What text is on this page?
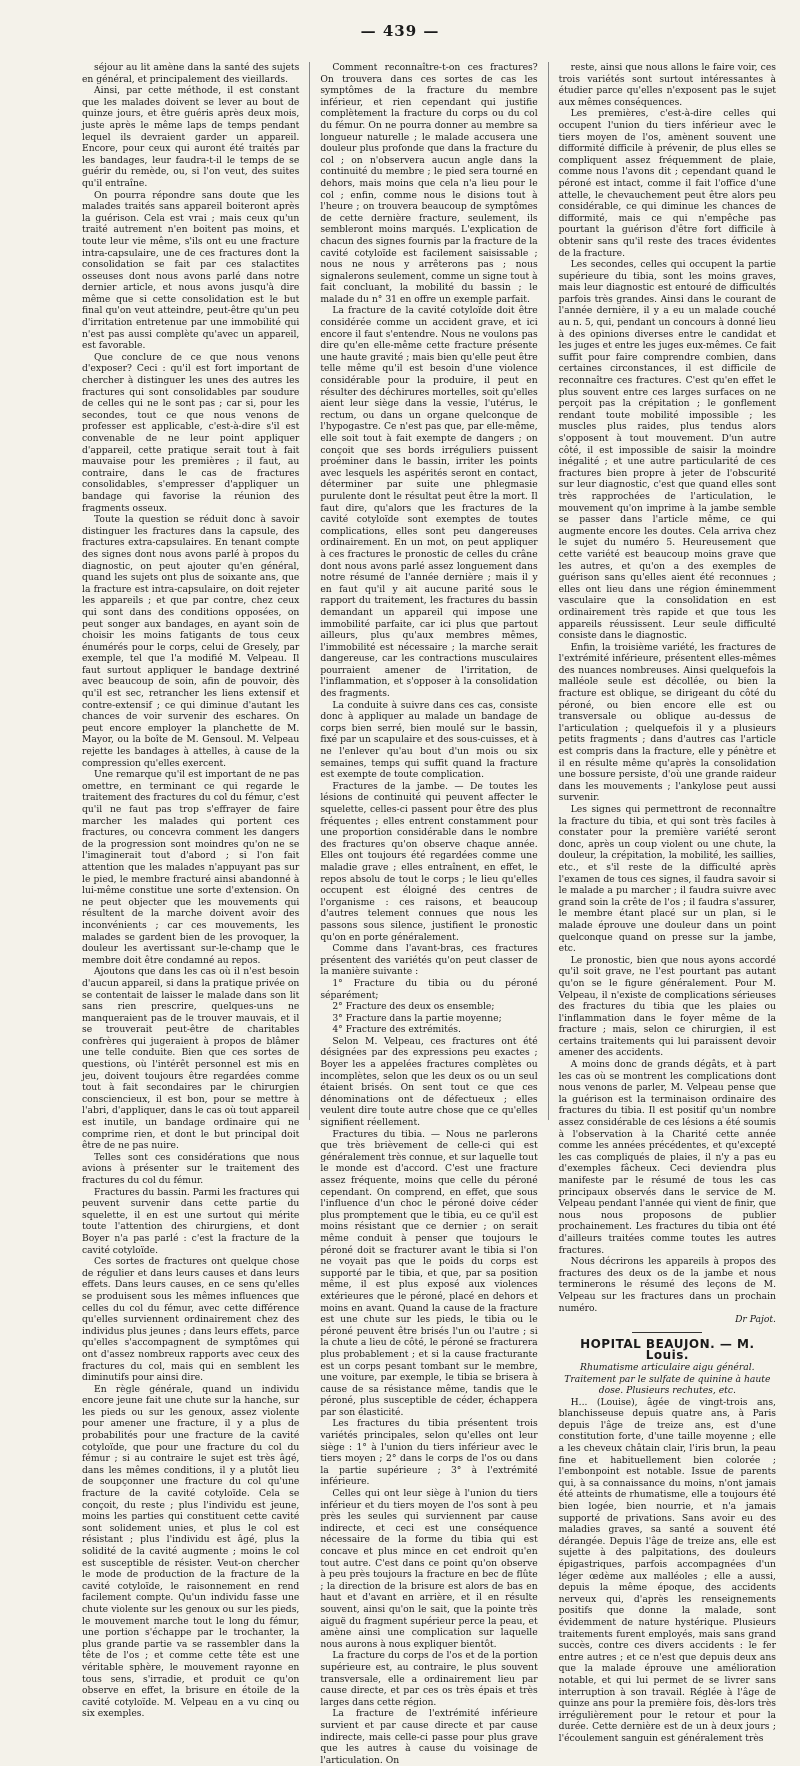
— 439 —

séjour au lit amène dans la santé des sujets en général, et principalement des vieillards.

Ainsi, par cette méthode, il est constant que les malades doivent se lever au bout de quinze jours, et être guéris après deux mois, juste après le même laps de temps pendant lequel ils devraient garder un appareil. Encore, pour ceux qui auront été traités par les bandages, leur faudra-t-il le temps de se guérir du remède, ou, si l'on veut, des suites qu'il entraîne.

On pourra répondre sans doute que les malades traités sans appareil boiteront après la guérison. Cela est vrai ; mais ceux qu'un traité autrement n'en boitent pas moins, et toute leur vie même, s'ils ont eu une fracture intra-capsulaire, une de ces fractures dont la consolidation se fait par ces stalactites osseuses dont nous avons parlé dans notre dernier article, et nous avons jusqu'à dire même que si cette consolidation est le but final qu'on veut atteindre, peut-être qu'un peu d'irritation entretenue par une immobilité qui n'est pas aussi complète qu'avec un appareil, est favorable.

Que conclure de ce que nous venons d'exposer? Ceci : qu'il est fort important de chercher à distinguer les unes des autres les fractures qui sont consolidables par soudure de celles qui ne le sont pas ; car si, pour les secondes, tout ce que nous venons de professer est applicable, c'est-à-dire s'il est convenable de ne leur point appliquer d'appareil, cette pratique serait tout à fait mauvaise pour les premières ; il faut, au contraire, dans le cas de fractures consolidables, s'empresser d'appliquer un bandage qui favorise la réunion des fragments osseux.

Toute la question se réduit donc à savoir distinguer les fractures dans la capsule, des fractures extra-capsulaires. En tenant compte des signes dont nous avons parlé à propos du diagnostic, on peut ajouter qu'en général, quand les sujets ont plus de soixante ans, que la fracture est intra-capsulaire, on doit rejeter les appareils ; et que par contre, chez ceux qui sont dans des conditions opposées, on peut songer aux bandages, en ayant soin de choisir les moins fatigants de tous ceux énumérés pour le corps, celui de Gresely, par exemple, tel que l'a modifié M. Velpeau. Il faut surtout appliquer le bandage dextriné avec beaucoup de soin, afin de pouvoir, dès qu'il est sec, retrancher les liens extensif et contre-extensif ; ce qui diminue d'autant les chances de voir survenir des eschares. On peut encore employer la planchette de M. Mayor, ou la boîte de M. Gensoul. M. Velpeau rejette les bandages à attelles, à cause de la compression qu'elles exercent.

Une remarque qu'il est important de ne pas omettre, en terminant ce qui regarde le traitement des fractures du col du fémur, c'est qu'il ne faut pas trop s'effrayer de faire marcher les malades qui portent ces fractures, ou concevra comment les dangers de la progression sont moindres qu'on ne se l'imaginerait tout d'abord ; si l'on fait attention que les malades n'appuyant pas sur le pied, le membre fracturé ainsi abandonné à lui-même constitue une sorte d'extension. On ne peut objecter que les mouvements qui résultent de la marche doivent avoir des inconvénients ; car ces mouvements, les malades se gardent bien de les provoquer, la douleur les avertissant sur-le-champ que le membre doit être condamné au repos.

Ajoutons que dans les cas où il n'est besoin d'aucun appareil, si dans la pratique privée on se contentait de laisser le malade dans son lit sans rien prescrire, quelques-uns ne manqueraient pas de le trouver mauvais, et il se trouverait peut-être de charitables confrères qui jugeraient à propos de blâmer une telle conduite. Bien que ces sortes de questions, où l'intérêt personnel est mis en jeu, doivent toujours être regardées comme tout à fait secondaires par le chirurgien consciencieux, il est bon, pour se mettre à l'abri, d'appliquer, dans le cas où tout appareil est inutile, un bandage ordinaire qui ne comprime rien, et dont le but principal doit être de ne pas nuire.

Telles sont ces considérations que nous avions à présenter sur le traitement des fractures du col du fémur.

Fractures du bassin. Parmi les fractures qui peuvent survenir dans cette partie du squelette, il en est une surtout qui mérite toute l'attention des chirurgiens, et dont Boyer n'a pas parlé : c'est la fracture de la cavité cotyloïde.

Ces sortes de fractures ont quelque chose de régulier et dans leurs causes et dans leurs effets. Dans leurs causes, en ce sens qu'elles se produisent sous les mêmes influences que celles du col du fémur, avec cette différence qu'elles surviennent ordinairement chez des individus plus jeunes ; dans leurs effets, parce qu'elles s'accompagnent de symptômes qui ont d'assez nombreux rapports avec ceux des fractures du col, mais qui en semblent les diminutifs pour ainsi dire.

En règle générale, quand un individu encore jeune fait une chute sur la hanche, sur les pieds ou sur les genoux, assez violente pour amener une fracture, il y a plus de probabilités pour une fracture de la cavité cotyloïde, que pour une fracture du col du fémur ; si au contraire le sujet est très âgé, dans les mêmes conditions, il y a plutôt lieu de soupçonner une fracture du col qu'une fracture de la cavité cotyloïde. Cela se conçoit, du reste ; plus l'individu est jeune, moins les parties qui constituent cette cavité sont solidement unies, et plus le col est résistant ; plus l'individu est âgé, plus la solidité de la cavité augmente ; moins le col est susceptible de résister. Veut-on chercher le mode de production de la fracture de la cavité cotyloïde, le raisonnement en rend facilement compte. Qu'un individu fasse une chute violente sur les genoux ou sur les pieds, le mouvement marche tout le long du fémur, une portion s'échappe par le trochanter, la plus grande partie va se rassembler dans la tête de l'os ; et comme cette tête est une véritable sphère, le mouvement rayonne en tous sens, s'irradie, et produit ce qu'on observe en effet, la brisure en étoile de la cavité cotyloïde. M. Velpeau en a vu cinq ou six exemples.

Comment reconnaître-t-on ces fractures? On trouvera dans ces sortes de cas les symptômes de la fracture du membre inférieur, et rien cependant qui justifie complètement la fracture du corps ou du col du fémur. On ne pourra donner au membre sa longueur naturelle ; le malade accusera une douleur plus profonde que dans la fracture du col ; on n'observera aucun angle dans la continuité du membre ; le pied sera tourné en dehors, mais moins que cela n'a lieu pour le col ; enfin, comme nous le disions tout à l'heure ; on trouvera beaucoup de symptômes de cette dernière fracture, seulement, ils sembleront moins marqués. L'explication de chacun des signes fournis par la fracture de la cavité cotyloïde est facilement saisissable ; nous ne nous y arrêterons pas ; nous signalerons seulement, comme un signe tout à fait concluant, la mobilité du bassin ; le malade du n° 31 en offre un exemple parfait.

La fracture de la cavité cotyloïde doit être considérée comme un accident grave, et ici encore il faut s'entendre. Nous ne voulons pas dire qu'en elle-même cette fracture présente une haute gravité ; mais bien qu'elle peut être telle même qu'il est besoin d'une violence considérable pour la produire, il peut en résulter des déchirures mortelles, soit qu'elles aient leur siège dans la vessie, l'utérus, le rectum, ou dans un organe quelconque de l'hypogastre. Ce n'est pas que, par elle-même, elle soit tout à fait exempte de dangers ; on conçoit que ses bords irréguliers puissent proéminer dans le bassin, irriter les points avec lesquels les aspérités seront en contact, déterminer par suite une phlegmasie purulente dont le résultat peut être la mort. Il faut dire, qu'alors que les fractures de la cavité cotyloïde sont exemptes de toutes complications, elles sont peu dangereuses ordinairement. En un mot, on peut appliquer à ces fractures le pronostic de celles du crâne dont nous avons parlé assez longuement dans notre résumé de l'année dernière ; mais il y en faut qu'il y ait aucune parité sous le rapport du traitement, les fractures du bassin demandant un appareil qui impose une immobilité parfaite, car ici plus que partout ailleurs, plus qu'aux membres mêmes, l'immobilité est nécessaire ; la marche serait dangereuse, car les contractions musculaires pourraient amener de l'irritation, de l'inflammation, et s'opposer à la consolidation des fragments.

La conduite à suivre dans ces cas, consiste donc à appliquer au malade un bandage de corps bien serré, bien moulé sur le bassin, fixé par un scapulaire et des sous-cuisses, et à ne l'enlever qu'au bout d'un mois ou six semaines, temps qui suffit quand la fracture est exempte de toute complication.

Fractures de la jambe. — De toutes les lésions de continuité qui peuvent affecter le squelette, celles-ci passent pour être des plus fréquentes ; elles entrent constamment pour une proportion considérable dans le nombre des fractures qu'on observe chaque année. Elles ont toujours été regardées comme une maladie grave ; elles entraînent, en effet, le repos absolu de tout le corps ; le lieu qu'elles occupent est éloigné des centres de l'organisme : ces raisons, et beaucoup d'autres telement connues que nous les passons sous silence, justifient le pronostic qu'on en porte généralement.

Comme dans l'avant-bras, ces fractures présentent des variétés qu'on peut classer de la manière suivante :

1° Fracture du tibia ou du péroné séparément;

2° Fracture des deux os ensemble;

3° Fracture dans la partie moyenne;

4° Fracture des extrémités.

Selon M. Velpeau, ces fractures ont été désignées par des expressions peu exactes ; Boyer les a appelées fractures complètes ou incomplètes, selon que les deux os ou un seul étaient brisés. On sent tout ce que ces dénominations ont de défectueux ; elles veulent dire toute autre chose que ce qu'elles signifient réellement.

Fractures du tibia. — Nous ne parlerons que très brièvement de celle-ci qui est généralement très connue, et sur laquelle tout le monde est d'accord. C'est une fracture assez fréquente, moins que celle du péroné cependant. On comprend, en effet, que sous l'influence d'un choc le péroné doive céder plus promptement que le tibia, eu ce qu'il est moins résistant que ce dernier ; on serait même conduit à penser que toujours le péroné doit se fracturer avant le tibia si l'on ne voyait pas que le poids du corps est supporté par le tibia, et que, par sa position même, il est plus exposé aux violences extérieures que le péroné, placé en dehors et moins en avant. Quand la cause de la fracture est une chute sur les pieds, le tibia ou le péroné peuvent être brisés l'un ou l'autre ; si la chute a lieu de côté, le péroné se fracturera plus probablement ; et si la cause fracturante est un corps pesant tombant sur le membre, une voiture, par exemple, le tibia se brisera à cause de sa résistance même, tandis que le péroné, plus susceptible de céder, échappera par son élasticité.

Les fractures du tibia présentent trois variétés principales, selon qu'elles ont leur siège : 1° à l'union du tiers inférieur avec le tiers moyen ; 2° dans le corps de l'os ou dans la partie supérieure ; 3° à l'extrémité inférieure.

Celles qui ont leur siège à l'union du tiers inférieur et du tiers moyen de l'os sont à peu près les seules qui surviennent par cause indirecte, et ceci est une conséquence nécessaire de la forme du tibia qui est concave et plus mince en cet endroit qu'en tout autre. C'est dans ce point qu'on observe à peu près toujours la fracture en bec de flûte ; la direction de la brisure est alors de bas en haut et d'avant en arrière, et il en résulte souvent, ainsi qu'on le sait, que la pointe très aiguë du fragment supérieur perce la peau, et amène ainsi une complication sur laquelle nous aurons à nous expliquer bientôt.

La fracture du corps de l'os et de la portion supérieure est, au contraire, le plus souvent transversale, elle a ordinairement lieu par cause directe, et par ces os très épais et très larges dans cette région.

La fracture de l'extrémité inférieure survient et par cause directe et par cause indirecte, mais celle-ci passe pour plus grave que les autres à cause du voisinage de l'articulation. On

reste, ainsi que nous allons le faire voir, ces trois variétés sont surtout intéressantes à étudier parce qu'elles n'exposent pas le sujet aux mêmes conséquences.

Les premières, c'est-à-dire celles qui occupent l'union du tiers inférieur avec le tiers moyen de l'os, amènent souvent une difformité difficile à prévenir, de plus elles se compliquent assez fréquemment de plaie, comme nous l'avons dit ; cependant quand le péroné est intact, comme il fait l'office d'une attelle, le chevauchement peut être alors peu considérable, ce qui diminue les chances de difformité, mais ce qui n'empêche pas pourtant la guérison d'être fort difficile à obtenir sans qu'il reste des traces évidentes de la fracture.

Les secondes, celles qui occupent la partie supérieure du tibia, sont les moins graves, mais leur diagnostic est entouré de difficultés parfois très grandes. Ainsi dans le courant de l'année dernière, il y a eu un malade couché au n. 5, qui, pendant un concours à donné lieu à des opinions diverses entre le candidat et les juges et entre les juges eux-mêmes. Ce fait suffit pour faire comprendre combien, dans certaines circonstances, il est difficile de reconnaître ces fractures. C'est qu'en effet le plus souvent entre ces larges surfaces on ne perçoit pas la crépitation ; le gonflement rendant toute mobilité impossible ; les muscles plus raides, plus tendus alors s'opposent à tout mouvement. D'un autre côté, il est impossible de saisir la moindre inégalité ; et une autre particularité de ces fractures bien propre à jeter de l'obscurité sur leur diagnostic, c'est que quand elles sont très rapprochées de l'articulation, le mouvement qu'on imprime à la jambe semble se passer dans l'article même, ce qui augmente encore les doutes. Cela arriva chez le sujet du numéro 5. Heureusement que cette variété est beaucoup moins grave que les autres, et qu'on a des exemples de guérison sans qu'elles aient été reconnues ; elles ont lieu dans une région éminemment vasculaire que la consolidation en est ordinairement très rapide et que tous les appareils réussissent. Leur seule difficulté consiste dans le diagnostic.

Enfin, la troisième variété, les fractures de l'extrémité inférieure, présentent elles-mêmes des nuances nombreuses. Ainsi quelquefois la malléole seule est décollée, ou bien la fracture est oblique, se dirigeant du côté du péroné, ou bien encore elle est ou transversale ou oblique au-dessus de l'articulation ; quelquefois il y a plusieurs petits fragments ; dans d'autres cas l'article est compris dans la fracture, elle y pénètre et il en résulte même qu'après la consolidation une bossure persiste, d'où une grande raideur dans les mouvements ; l'ankylose peut aussi survenir.

Les signes qui permettront de reconnaître la fracture du tibia, et qui sont très faciles à constater pour la première variété seront donc, après un coup violent ou une chute, la douleur, la crépitation, la mobilité, les saillies, etc., et s'il reste de la difficulté après l'examen de tous ces signes, il faudra savoir si le malade a pu marcher ; il faudra suivre avec grand soin la crête de l'os ; il faudra s'assurer, le membre étant placé sur un plan, si le malade éprouve une douleur dans un point quelconque quand on presse sur la jambe, etc.

Le pronostic, bien que nous ayons accordé qu'il soit grave, ne l'est pourtant pas autant qu'on se le figure généralement. Pour M. Velpeau, il n'existe de complications sérieuses des fractures du tibia que les plaies ou l'inflammation dans le foyer même de la fracture ; mais, selon ce chirurgien, il est certains traitements qui lui paraissent devoir amener des accidents.

A moins donc de grands dégâts, et à part les cas où se montrent les complications dont nous venons de parler, M. Velpeau pense que la guérison est la terminaison ordinaire des fractures du tibia. Il est positif qu'un nombre assez considérable de ces lésions a été soumis à l'observation à la Charité cette année comme les années précédentes, et qu'excepté les cas compliqués de plaies, il n'y a pas eu d'exemples fâcheux. Ceci deviendra plus manifeste par le résumé de tous les cas principaux observés dans le service de M. Velpeau pendant l'année qui vient de finir, que nous nous proposons de publier prochainement. Les fractures du tibia ont été d'ailleurs traitées comme toutes les autres fractures.

Nous décrirons les appareils à propos des fractures des deux os de la jambe et nous terminerons le résumé des leçons de M. Velpeau sur les fractures dans un prochain numéro.

Dr Pajot.

HOPITAL BEAUJON. — M. Louis.

Rhumatisme articulaire aigu général. Traitement par le sulfate de quinine à haute dose. Plusieurs rechutes, etc.

H... (Louise), âgée de vingt-trois ans, blanchisseuse depuis quatre ans, à Paris depuis l'âge de treize ans, est d'une constitution forte, d'une taille moyenne ; elle a les cheveux châtain clair, l'iris brun, la peau fine et habituellement bien colorée ; l'embonpoint est notable. Issue de parents qui, à sa connaissance du moins, n'ont jamais été atteints de rhumatisme, elle a toujours été bien logée, bien nourrie, et n'a jamais supporté de privations. Sans avoir eu des maladies graves, sa santé a souvent été dérangée. Depuis l'âge de treize ans, elle est sujette à des palpitations, des douleurs épigastriques, parfois accompagnées d'un léger œdème aux malléoles ; elle a aussi, depuis la même époque, des accidents nerveux qui, d'après les renseignements positifs que donne la malade, sont évidemment de nature hystérique. Plusieurs traitements furent employés, mais sans grand succès, contre ces divers accidents : le fer entre autres ; et ce n'est que depuis deux ans que la malade éprouve une amélioration notable, et qui lui permet de se livrer sans interruption à son travail. Réglée à l'âge de quinze ans pour la première fois, dès-lors très irrégulièrement pour le retour et pour la durée. Cette dernière est de un à deux jours ; l'écoulement sanguin est généralement très
